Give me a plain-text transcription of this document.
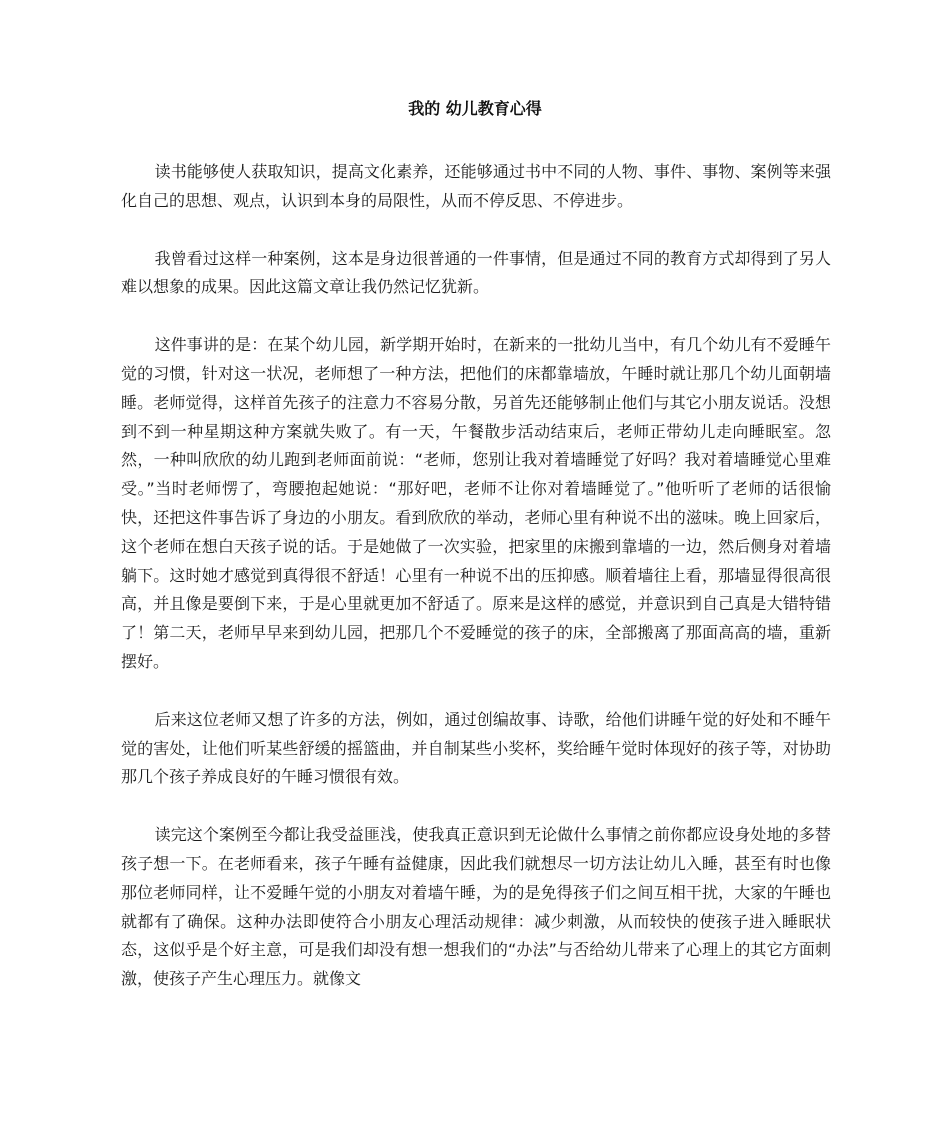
我的 幼儿教育心得

读书能够使人获取知识，提高文化素养，还能够通过书中不同的人物、事件、事物、案例等来强化自己的思想、观点，认识到本身的局限性，从而不停反思、不停进步。

我曾看过这样一种案例，这本是身边很普通的一件事情，但是通过不同的教育方式却得到了另人难以想象的成果。因此这篇文章让我仍然记忆犹新。

这件事讲的是：在某个幼儿园，新学期开始时，在新来的一批幼儿当中，有几个幼儿有不爱睡午觉的习惯，针对这一状况，老师想了一种方法，把他们的床都靠墙放，午睡时就让那几个幼儿面朝墙睡。老师觉得，这样首先孩子的注意力不容易分散，另首先还能够制止他们与其它小朋友说话。没想到不到一种星期这种方案就失败了。有一天，午餐散步活动结束后，老师正带幼儿走向睡眠室。忽然，一种叫欣欣的幼儿跑到老师面前说：“老师，您别让我对着墙睡觉了好吗？我对着墙睡觉心里难受。”当时老师愣了，弯腰抱起她说：“那好吧，老师不让你对着墙睡觉了。”他听听了老师的话很愉快，还把这件事告诉了身边的小朋友。看到欣欣的举动，老师心里有种说不出的滋味。晚上回家后，这个老师在想白天孩子说的话。于是她做了一次实验，把家里的床搬到靠墙的一边，然后侧身对着墙躺下。这时她才感觉到真得很不舒适！心里有一种说不出的压抑感。顺着墙往上看，那墙显得很高很高，并且像是要倒下来，于是心里就更加不舒适了。原来是这样的感觉，并意识到自己真是大错特错了！第二天，老师早早来到幼儿园，把那几个不爱睡觉的孩子的床，全部搬离了那面高高的墙，重新摆好。

后来这位老师又想了许多的方法，例如，通过创编故事、诗歌，给他们讲睡午觉的好处和不睡午觉的害处，让他们听某些舒缓的摇篮曲，并自制某些小奖杯，奖给睡午觉时体现好的孩子等，对协助那几个孩子养成良好的午睡习惯很有效。

读完这个案例至今都让我受益匪浅，使我真正意识到无论做什么事情之前你都应设身处地的多替孩子想一下。在老师看来，孩子午睡有益健康，因此我们就想尽一切方法让幼儿入睡，甚至有时也像那位老师同样，让不爱睡午觉的小朋友对着墙午睡，为的是免得孩子们之间互相干扰，大家的午睡也就都有了确保。这种办法即使符合小朋友心理活动规律：减少刺激，从而较快的使孩子进入睡眠状态，这似乎是个好主意，可是我们却没有想一想我们的“办法”与否给幼儿带来了心理上的其它方面刺激，使孩子产生心理压力。就像文
